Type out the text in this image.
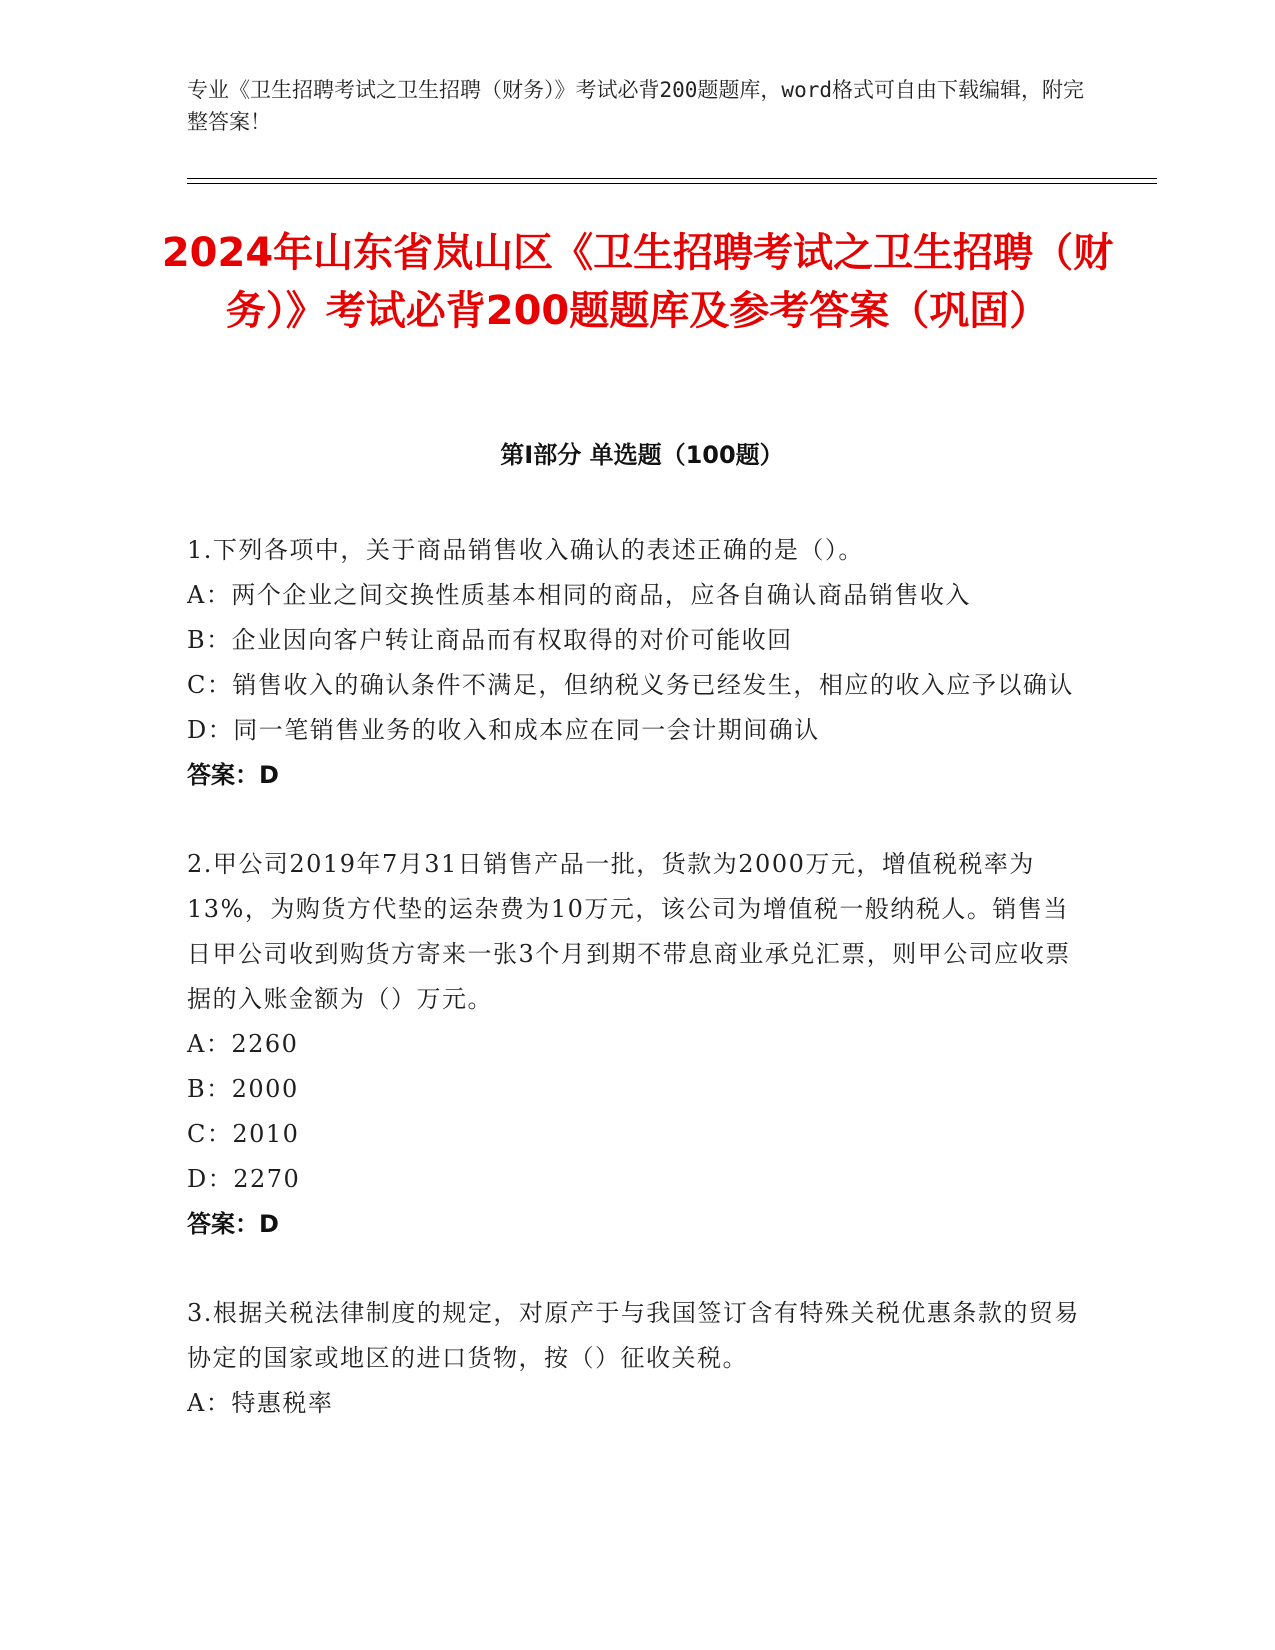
专业《卫生招聘考试之卫生招聘（财务）》考试必背200题题库，word格式可自由下载编辑，附完整答案！
2024年山东省岚山区《卫生招聘考试之卫生招聘（财务）》考试必背200题题库及参考答案（巩固）
第Ⅰ部分 单选题（100题）

1.下列各项中，关于商品销售收入确认的表述正确的是（）。

A：两个企业之间交换性质基本相同的商品，应各自确认商品销售收入

B：企业因向客户转让商品而有权取得的对价可能收回

C：销售收入的确认条件不满足，但纳税义务已经发生，相应的收入应予以确认

D：同一笔销售业务的收入和成本应在同一会计期间确认

答案：D

2.甲公司2019年7月31日销售产品一批，货款为2000万元，增值税税率为13%，为购货方代垫的运杂费为10万元，该公司为增值税一般纳税人。销售当日甲公司收到购货方寄来一张3个月到期不带息商业承兑汇票，则甲公司应收票据的入账金额为（）万元。

A：2260

B：2000

C：2010

D：2270

答案：D

3.根据关税法律制度的规定，对原产于与我国签订含有特殊关税优惠条款的贸易协定的国家或地区的进口货物，按（）征收关税。

A：特惠税率
